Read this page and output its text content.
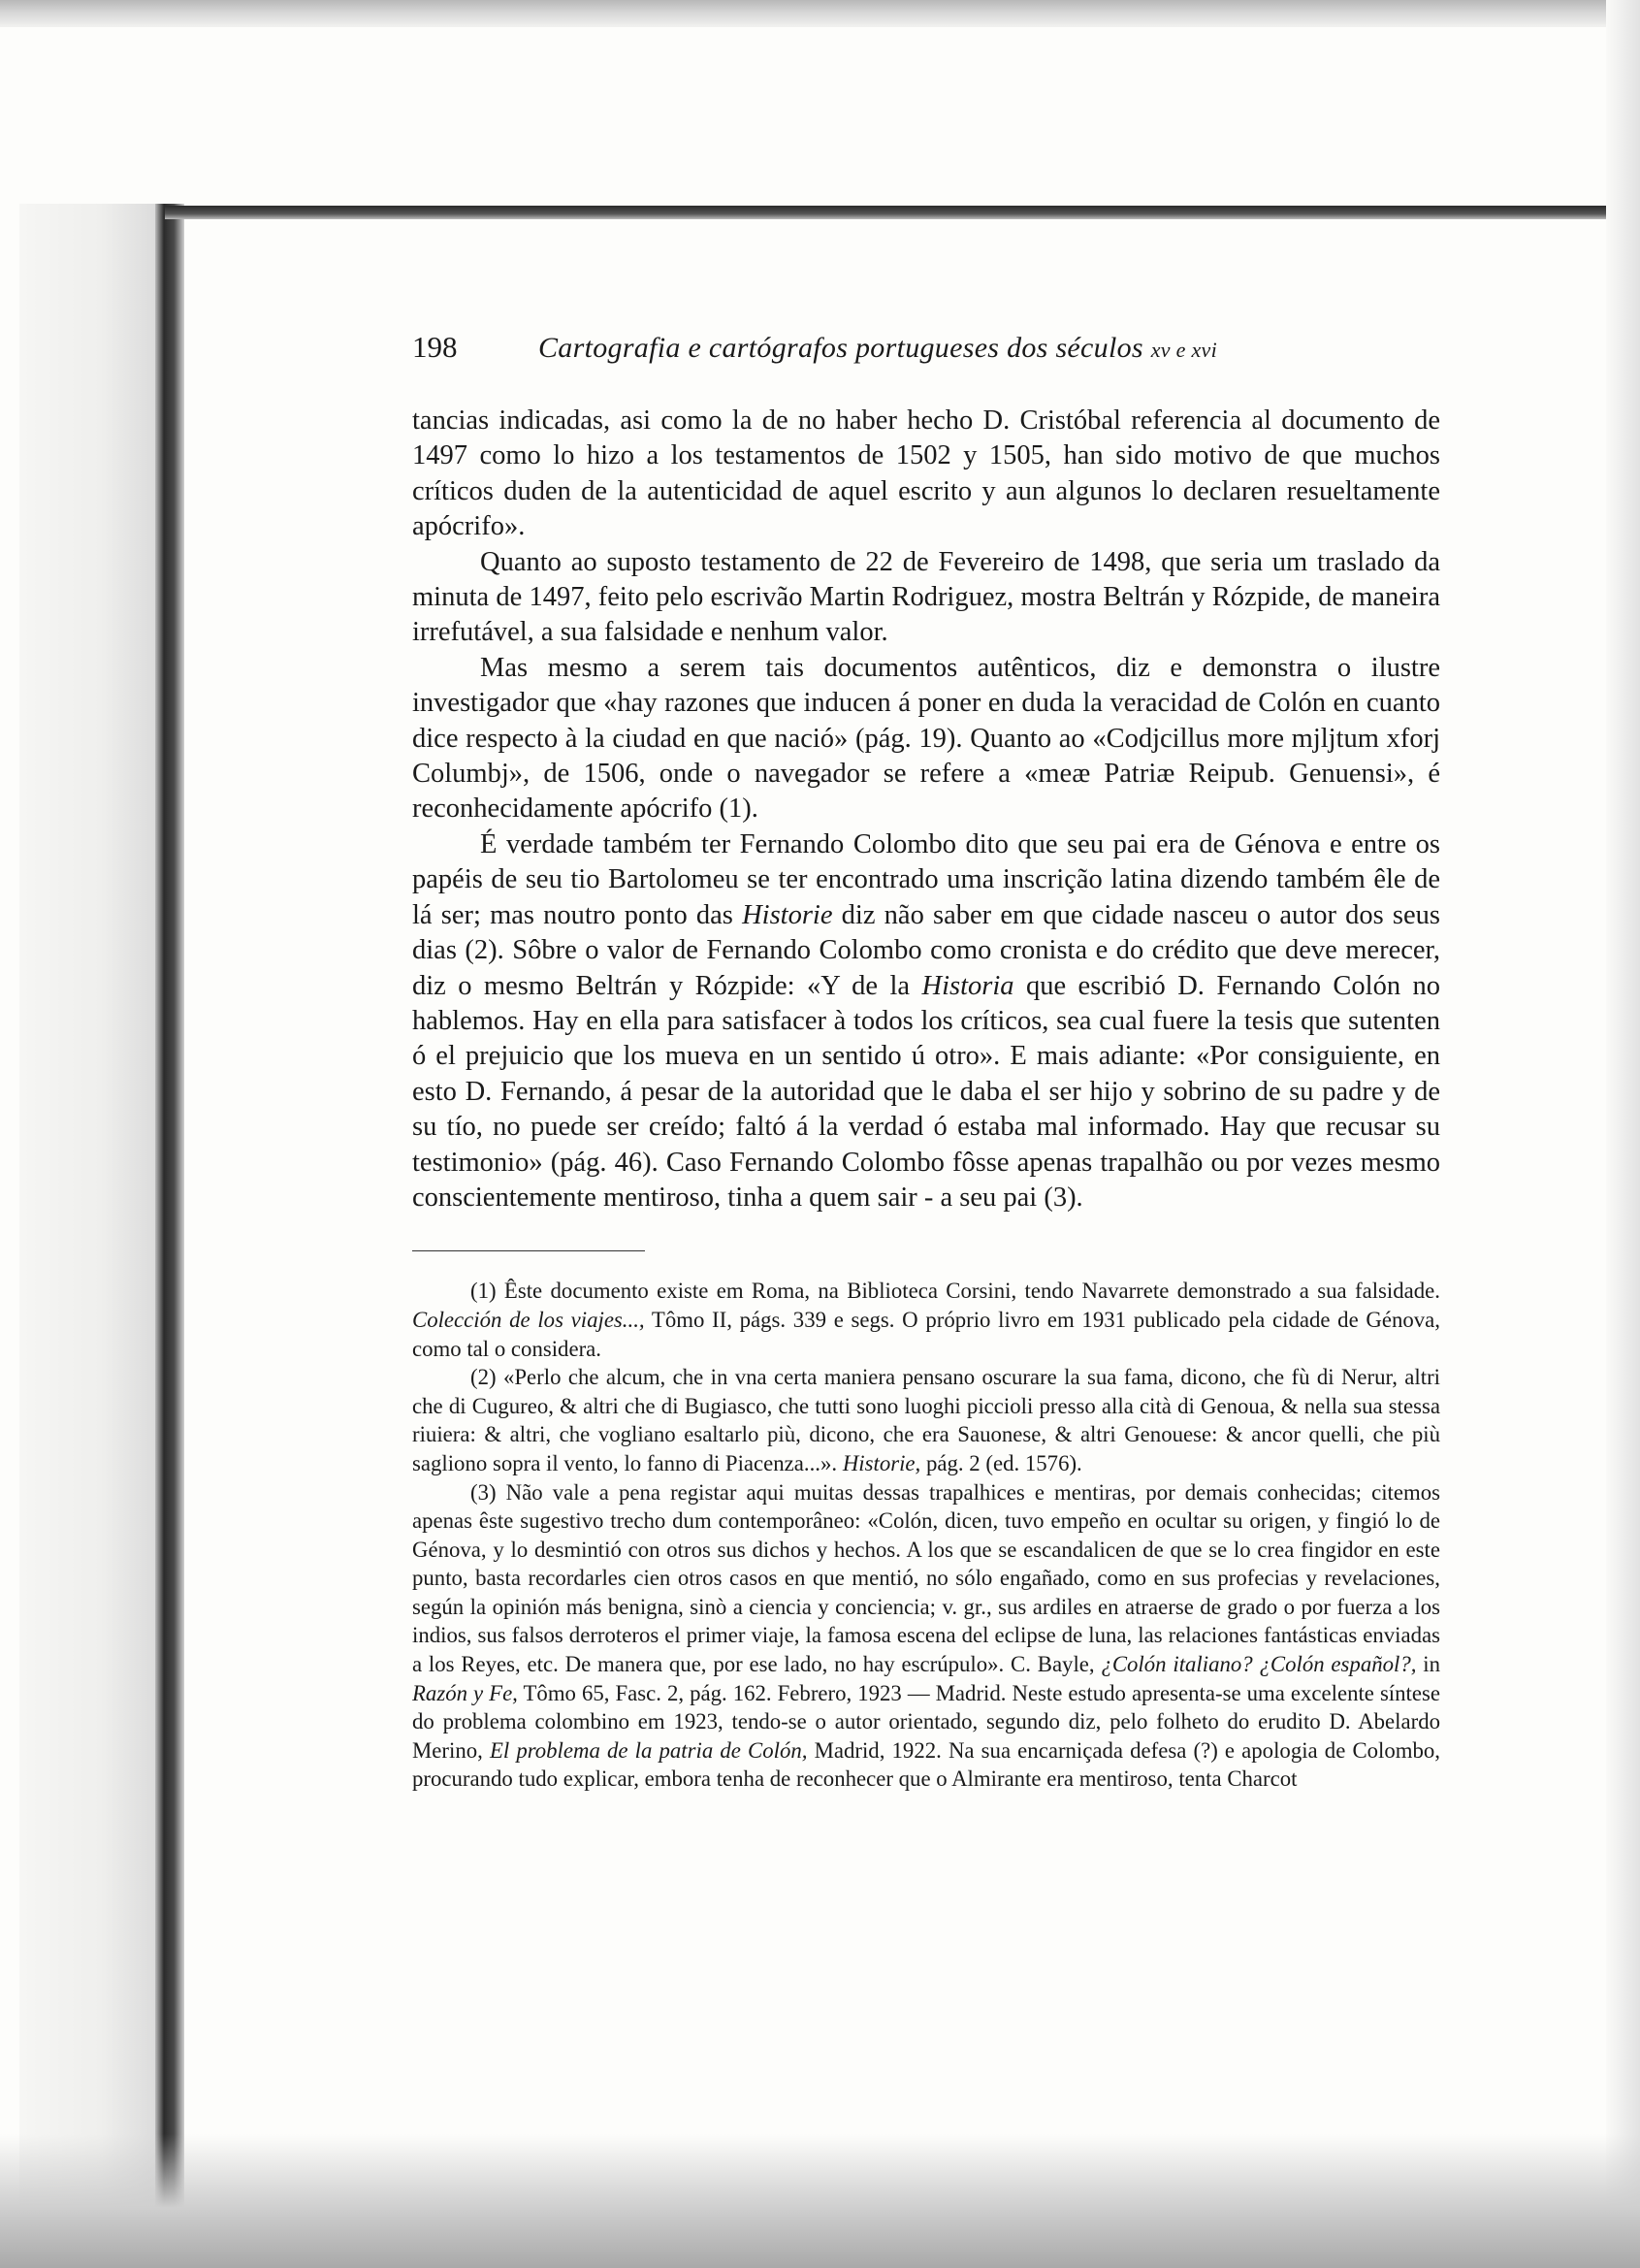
198	Cartografia e cartógrafos portugueses dos séculos xv e xvi

tancias indicadas, asi como la de no haber hecho D. Cristóbal referencia al documento de 1497 como lo hizo a los testamentos de 1502 y 1505, han sido motivo de que muchos críticos duden de la autenticidad de aquel escrito y aun algunos lo declaren resueltamente apócrifo».

Quanto ao suposto testamento de 22 de Fevereiro de 1498, que seria um traslado da minuta de 1497, feito pelo escrivão Martin Rodriguez, mostra Beltrán y Rózpide, de maneira irrefutável, a sua falsidade e nenhum valor.

Mas mesmo a serem tais documentos autênticos, diz e demonstra o ilustre investigador que «hay razones que inducen á poner en duda la veracidad de Colón en cuanto dice respecto à la ciudad en que nació» (pág. 19). Quanto ao «Codjcillus more mjljtum xforj Columbj», de 1506, onde o navegador se refere a «meæ Patriæ Reipub. Genuensi», é reconhecidamente apócrifo (1).

É verdade também ter Fernando Colombo dito que seu pai era de Génova e entre os papéis de seu tio Bartolomeu se ter encontrado uma inscrição latina dizendo também êle de lá ser; mas noutro ponto das Historie diz não saber em que cidade nasceu o autor dos seus dias (2). Sôbre o valor de Fernando Colombo como cronista e do crédito que deve merecer, diz o mesmo Beltrán y Rózpide: «Y de la Historia que escribió D. Fernando Colón no hablemos. Hay en ella para satisfacer à todos los críticos, sea cual fuere la tesis que sutenten ó el prejuicio que los mueva en un sentido ú otro». E mais adiante: «Por consiguiente, en esto D. Fernando, á pesar de la autoridad que le daba el ser hijo y sobrino de su padre y de su tío, no puede ser creído; faltó á la verdad ó estaba mal informado. Hay que recusar su testimonio» (pág. 46). Caso Fernando Colombo fôsse apenas trapalhão ou por vezes mesmo conscientemente mentiroso, tinha a quem sair - a seu pai (3).

(1) Êste documento existe em Roma, na Biblioteca Corsini, tendo Navarrete demonstrado a sua falsidade. Colección de los viajes..., Tômo II, págs. 339 e segs. O próprio livro em 1931 publicado pela cidade de Génova, como tal o considera.

(2) «Perlo che alcum, che in vna certa maniera pensano oscurare la sua fama, dicono, che fù di Nerur, altri che di Cugureo, & altri che di Bugiasco, che tutti sono luoghi piccioli presso alla cità di Genoua, & nella sua stessa riuiera: & altri, che vogliano esaltarlo più, dicono, che era Sauonese, & altri Genouese: & ancor quelli, che più sagliono sopra il vento, lo fanno di Piacenza...». Historie, pág. 2 (ed. 1576).

(3) Não vale a pena registar aqui muitas dessas trapalhices e mentiras, por demais conhecidas; citemos apenas êste sugestivo trecho dum contemporâneo: «Colón, dicen, tuvo empeño en ocultar su origen, y fingió lo de Génova, y lo desmintió con otros sus dichos y hechos. A los que se escandalicen de que se lo crea fingidor en este punto, basta recordarles cien otros casos en que mentió, no sólo engañado, como en sus profecias y revelaciones, según la opinión más benigna, sinò a ciencia y conciencia; v. gr., sus ardiles en atraerse de grado o por fuerza a los indios, sus falsos derroteros el primer viaje, la famosa escena del eclipse de luna, las relaciones fantásticas enviadas a los Reyes, etc. De manera que, por ese lado, no hay escrúpulo». C. Bayle, ¿Colón italiano? ¿Colón español?, in Razón y Fe, Tômo 65, Fasc. 2, pág. 162. Febrero, 1923 — Madrid. Neste estudo apresenta-se uma excelente síntese do problema colombino em 1923, tendo-se o autor orientado, segundo diz, pelo folheto do erudito D. Abelardo Merino, El problema de la patria de Colón, Madrid, 1922. Na sua encarniçada defesa (?) e apologia de Colombo, procurando tudo explicar, embora tenha de reconhecer que o Almirante era mentiroso, tenta Charcot
